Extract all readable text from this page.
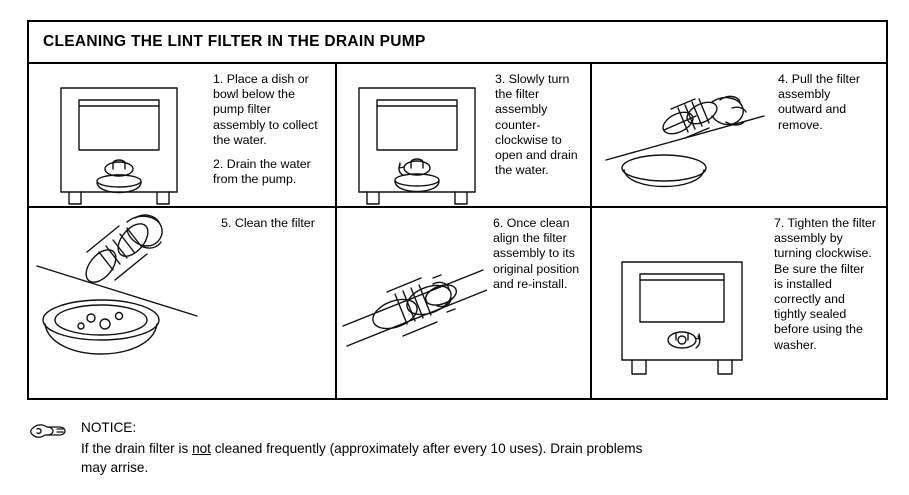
CLEANING THE LINT FILTER IN THE DRAIN PUMP

1. Place a dish or bowl below the pump filter assembly to collect the water.

2. Drain the water from the pump.

3. Slowly turn the filter assembly counter-clockwise to open and drain the water.

4. Pull the filter assembly outward and remove.

5. Clean the filter	6. Once clean align the filter assembly to its original position and re-install.

7. Tighten the filter assembly by turning clockwise. Be sure the filter is installed correctly and tightly sealed before using the washer.

NOTICE:
If the drain filter is not cleaned frequently (approximately after every 10 uses). Drain problems
may arrise.
